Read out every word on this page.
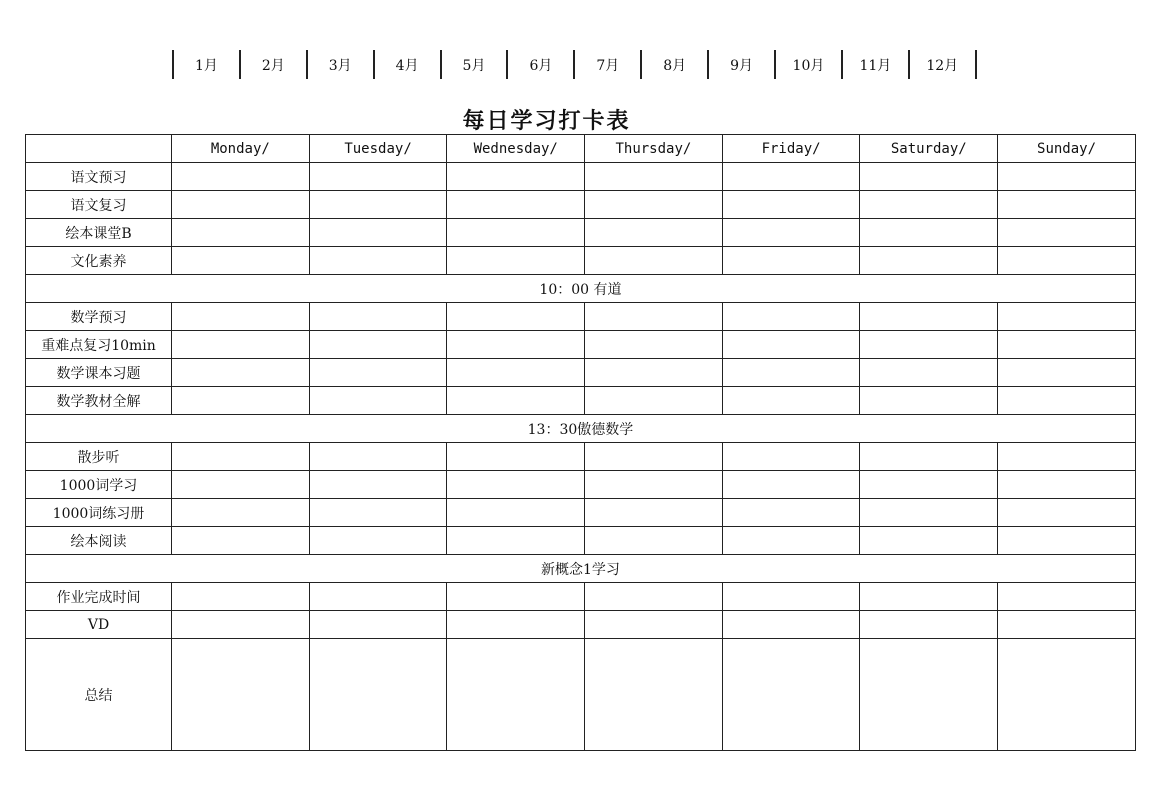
1月	2月	3月	4月	5月	6月	7月	8月	9月	10月	11月	12月
每日学习打卡表
	Monday/	Tuesday/	Wednesday/	Thursday/	Friday/	Saturday/	Sunday/
语文预习							
语文复习							
绘本课堂B							
文化素养							
10：00 有道							
数学预习							
重难点复习10min							
数学课本习题							
数学教材全解							
13：30傲德数学							
散步听							
1000词学习							
1000词练习册							
绘本阅读							
新概念1学习							
作业完成时间							
VD							
总结							
